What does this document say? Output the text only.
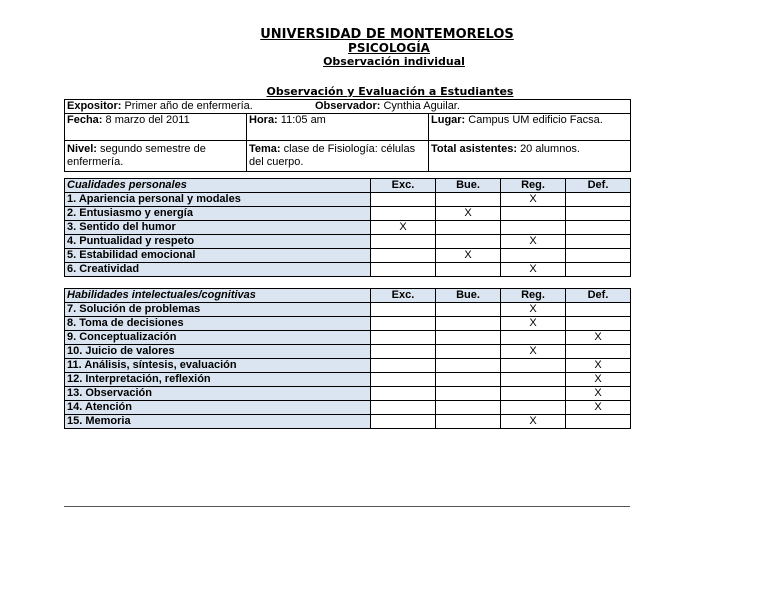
UNIVERSIDAD DE MONTEMORELOS
PSICOLOGÍA
Observación individual
Observación y Evaluación a Estudiantes
Expositor: Primer año de enfermería. Observador: Cynthia Aguilar.		

Fecha: 8 marzo del 2011	Hora: 11:05 am	Lugar: Campus UM edificio Facsa.
Nivel: segundo semestre de enfermería.	Tema: clase de Fisiología: células del cuerpo.	Total asistentes: 20 alumnos.
Cualidades personales	Exc.	Bue.	Reg.	Def.
1. Apariencia personal y modales			X	
2. Entusiasmo y energía		X		
3. Sentido del humor	X			
4. Puntualidad y respeto			X	
5. Estabilidad emocional		X		
6. Creatividad			X	
Habilidades intelectuales/cognitivas	Exc.	Bue.	Reg.	Def.
7. Solución de problemas			X	
8. Toma de decisiones			X	
9. Conceptualización				X
10. Juicio de valores			X	
11. Análisis, síntesis, evaluación				X
12. Interpretación, reflexión				X
13. Observación				X
14. Atención				X
15. Memoria			X	
